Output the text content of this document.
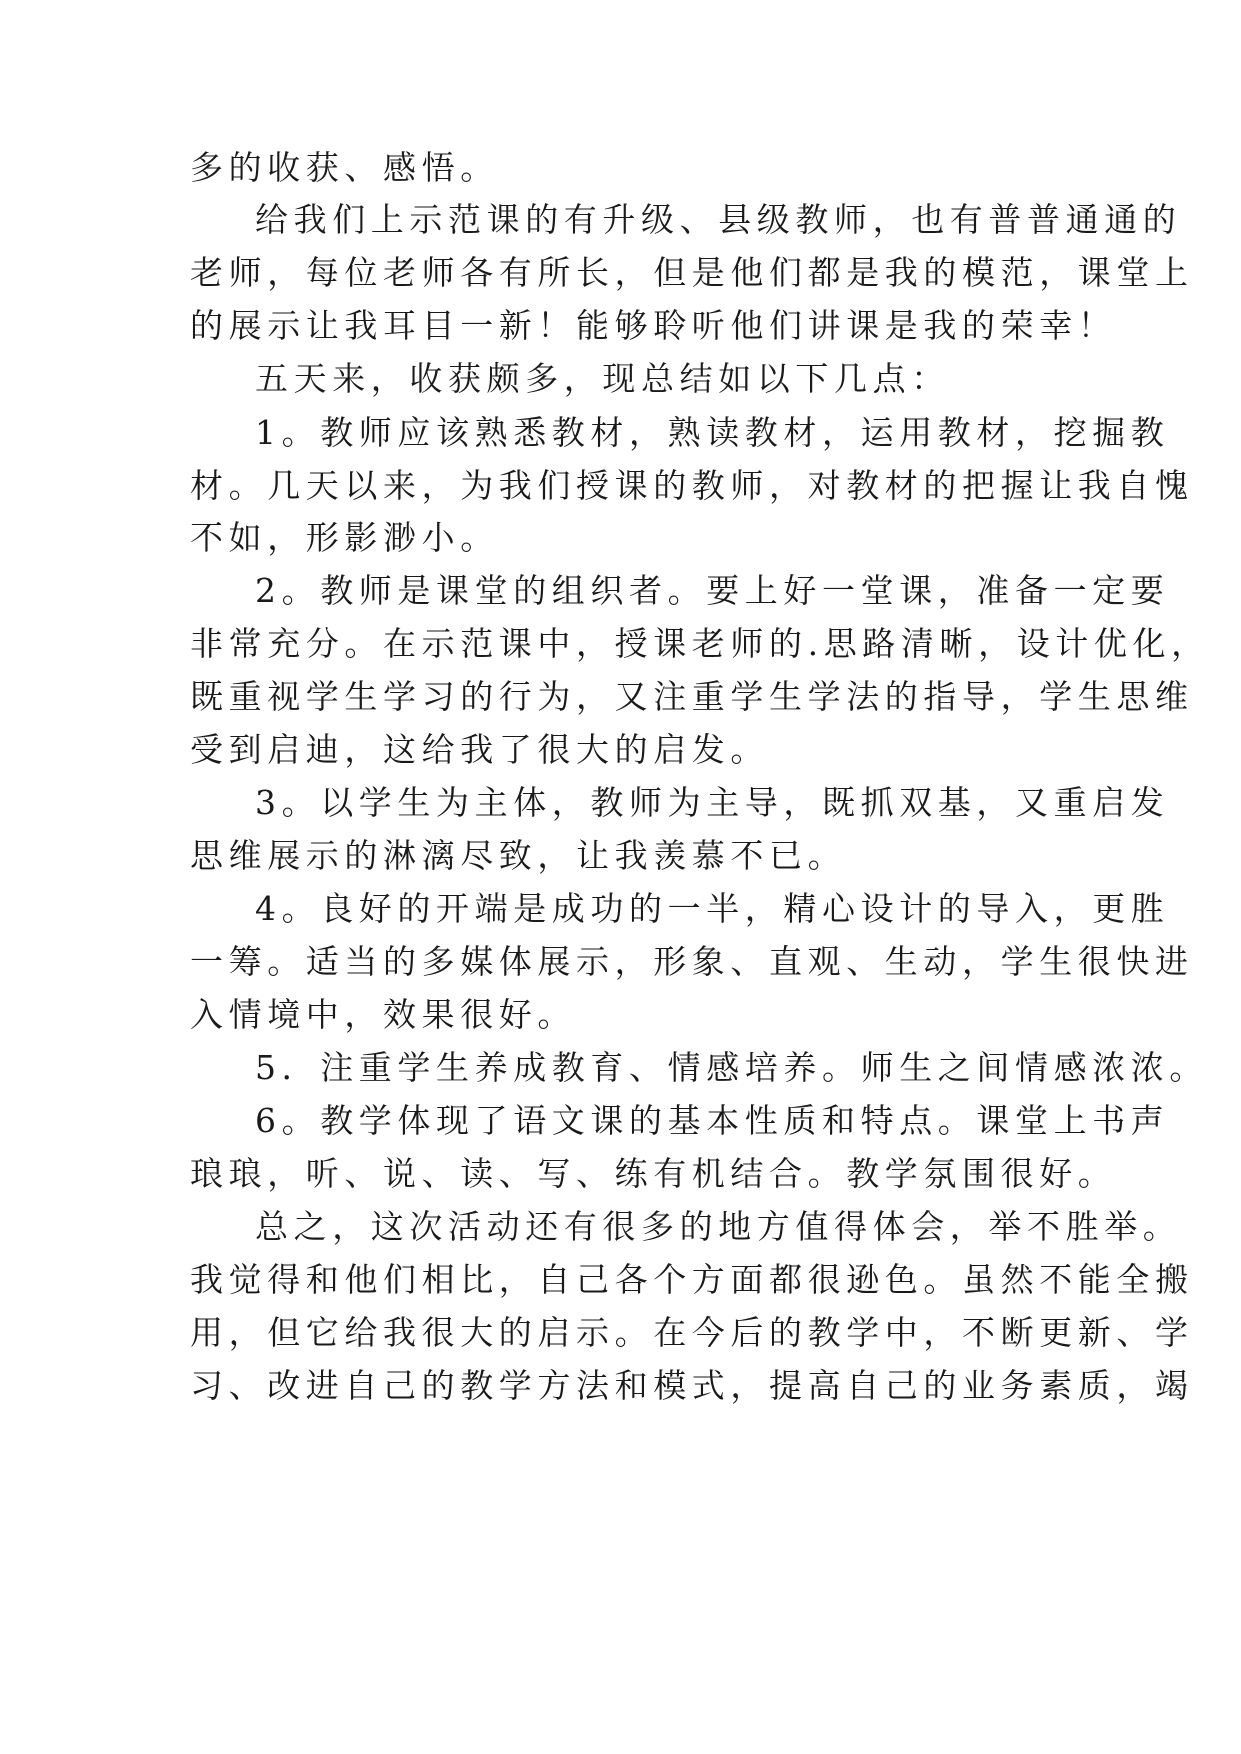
多的收获、感悟。
给我们上示范课的有升级、县级教师，也有普普通通的
老师，每位老师各有所长，但是他们都是我的模范，课堂上
的展示让我耳目一新！能够聆听他们讲课是我的荣幸！
五天来，收获颇多，现总结如以下几点：
1。教师应该熟悉教材，熟读教材，运用教材，挖掘教
材。几天以来，为我们授课的教师，对教材的把握让我自愧
不如，形影渺小。
2。教师是课堂的组织者。要上好一堂课，准备一定要
非常充分。在示范课中，授课老师的.思路清晰，设计优化，
既重视学生学习的行为，又注重学生学法的指导，学生思维
受到启迪，这给我了很大的启发。
3。以学生为主体，教师为主导，既抓双基，又重启发
思维展示的淋漓尽致，让我羡慕不已。
4。良好的开端是成功的一半，精心设计的导入，更胜
一筹。适当的多媒体展示，形象、直观、生动，学生很快进
入情境中，效果很好。
5．注重学生养成教育、情感培养。师生之间情感浓浓。
6。教学体现了语文课的基本性质和特点。课堂上书声
琅琅，听、说、读、写、练有机结合。教学氛围很好。
总之，这次活动还有很多的地方值得体会，举不胜举。
我觉得和他们相比，自己各个方面都很逊色。虽然不能全搬
用，但它给我很大的启示。在今后的教学中，不断更新、学
习、改进自己的教学方法和模式，提高自己的业务素质，竭
